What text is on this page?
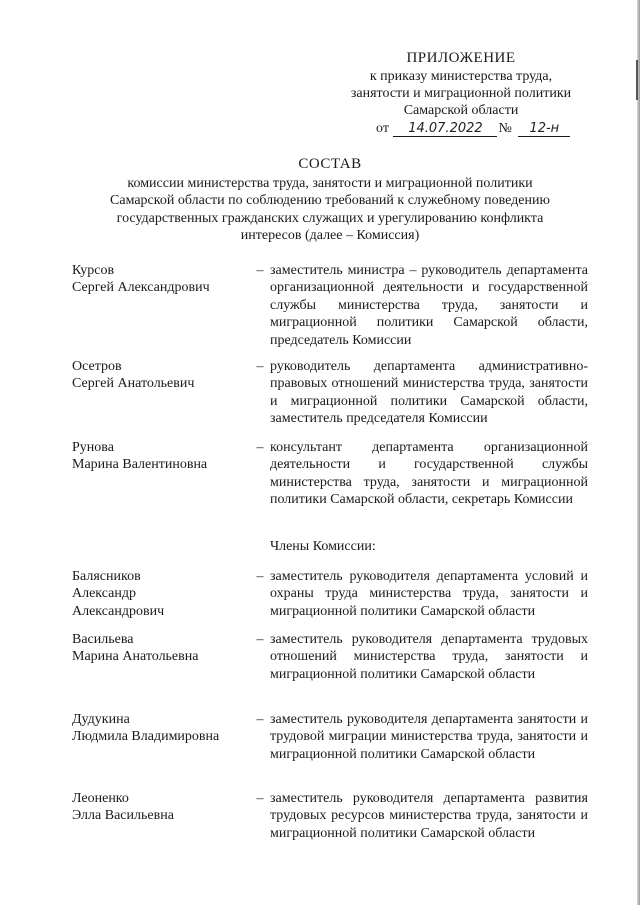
ПРИЛОЖЕНИЕ
к приказу министерства труда,
занятости и миграционной политики
Самарской области
от 14.07.2022 № 12-н
СОСТАВ
комиссии министерства труда, занятости и миграционной политики
Самарской области по соблюдению требований к служебному поведению
государственных гражданских служащих и урегулированию конфликта
интересов (далее – Комиссия)
Курсов
Сергей Александрович
– заместитель министра – руководитель департамента организационной деятельности и государственной службы министерства труда, занятости и миграционной политики Самарской области, председатель Комиссии
Осетров
Сергей Анатольевич
– руководитель департамента административно-правовых отношений министерства труда, занятости и миграционной политики Самарской области, заместитель председателя Комиссии
Рунова
Марина Валентиновна
– консультант департамента организационной деятельности и государственной службы министерства труда, занятости и миграционной политики Самарской области, секретарь Комиссии
Члены Комиссии:
Балясников
Александр
Александрович
– заместитель руководителя департамента условий и охраны труда министерства труда, занятости и миграционной политики Самарской области
Васильева
Марина Анатольевна
– заместитель руководителя департамента трудовых отношений министерства труда, занятости и миграционной политики Самарской области
Дудукина
Людмила Владимировна
– заместитель руководителя департамента занятости и трудовой миграции министерства труда, занятости и миграционной политики Самарской области
Леоненко
Элла Васильевна
– заместитель руководителя департамента развития трудовых ресурсов министерства труда, занятости и миграционной политики Самарской области
